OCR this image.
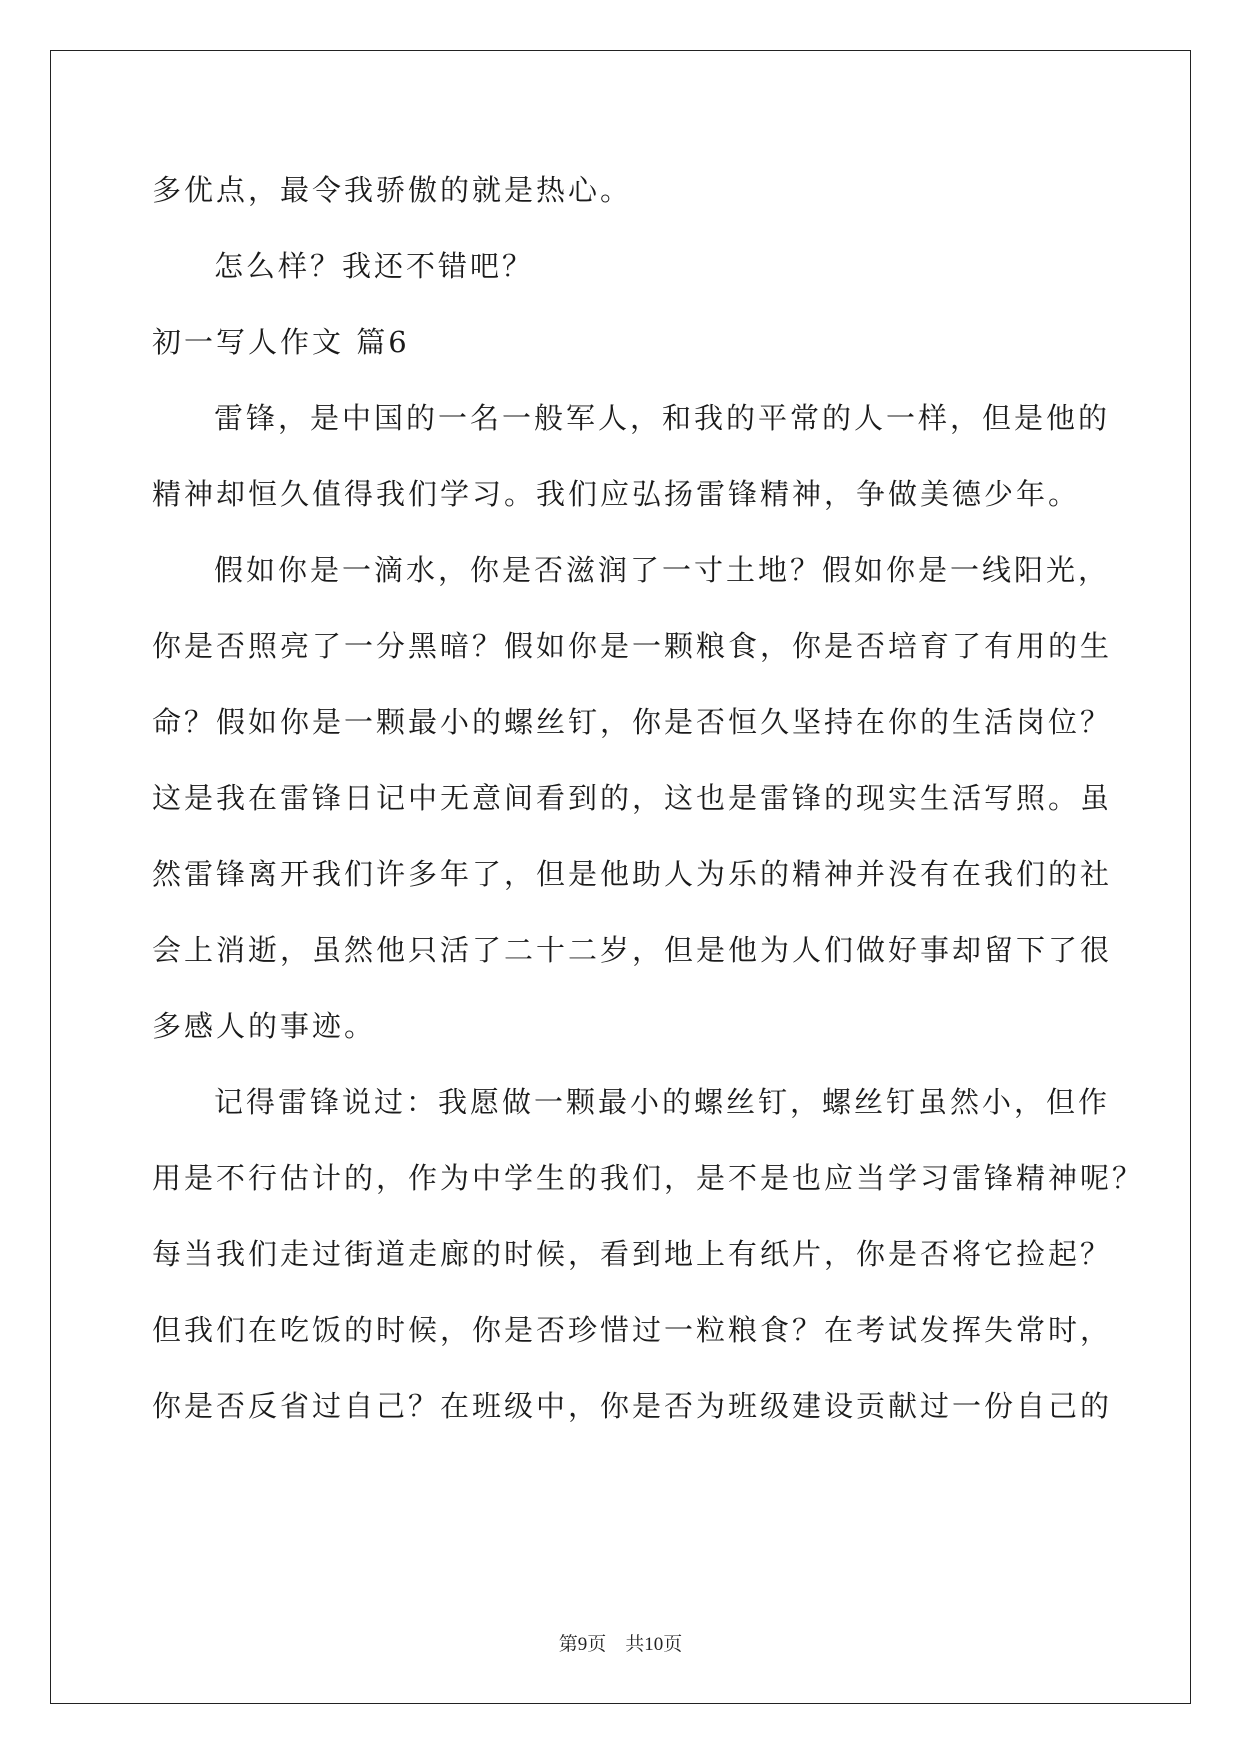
多优点，最令我骄傲的就是热心。
怎么样？我还不错吧？
初一写人作文 篇6
雷锋，是中国的一名一般军人，和我的平常的人一样，但是他的
精神却恒久值得我们学习。我们应弘扬雷锋精神，争做美德少年。
假如你是一滴水，你是否滋润了一寸土地？假如你是一线阳光，
你是否照亮了一分黑暗？假如你是一颗粮食，你是否培育了有用的生
命？假如你是一颗最小的螺丝钉，你是否恒久坚持在你的生活岗位？
这是我在雷锋日记中无意间看到的，这也是雷锋的现实生活写照。虽
然雷锋离开我们许多年了，但是他助人为乐的精神并没有在我们的社
会上消逝，虽然他只活了二十二岁，但是他为人们做好事却留下了很
多感人的事迹。
记得雷锋说过：我愿做一颗最小的螺丝钉，螺丝钉虽然小，但作
用是不行估计的，作为中学生的我们，是不是也应当学习雷锋精神呢？
每当我们走过街道走廊的时候，看到地上有纸片，你是否将它捡起？
但我们在吃饭的时候，你是否珍惜过一粒粮食？在考试发挥失常时，
你是否反省过自己？在班级中，你是否为班级建设贡献过一份自己的
第9页　共10页
